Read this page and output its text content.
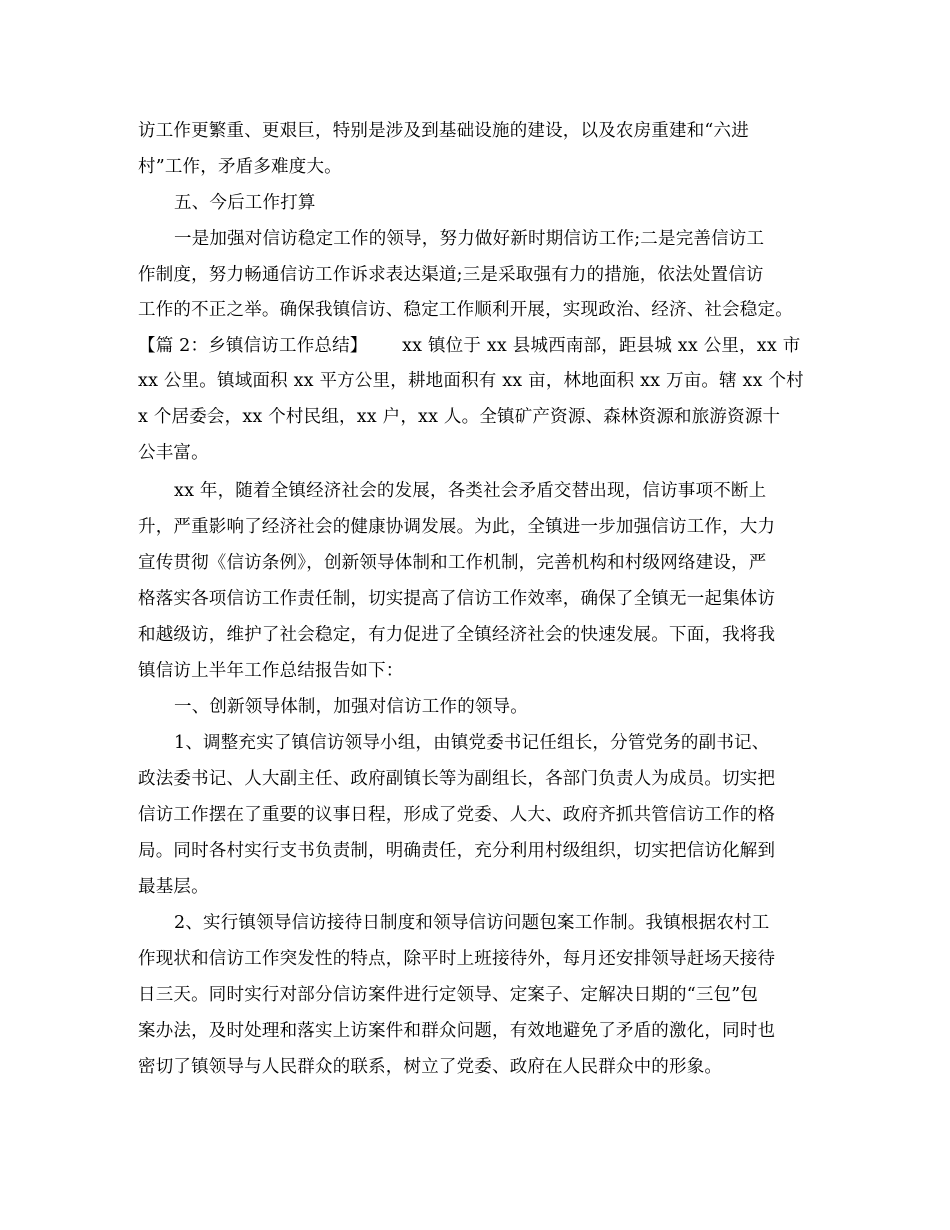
访工作更繁重、更艰巨，特别是涉及到基础设施的建设，以及农房重建和“六进
村”工作，矛盾多难度大。
五、今后工作打算
一是加强对信访稳定工作的领导，努力做好新时期信访工作;二是完善信访工
作制度，努力畅通信访工作诉求表达渠道;三是采取强有力的措施，依法处置信访
工作的不正之举。确保我镇信访、稳定工作顺利开展，实现政治、经济、社会稳定。
【篇 2：乡镇信访工作总结】      xx 镇位于 xx 县城西南部，距县城 xx 公里，xx 市
xx 公里。镇域面积 xx 平方公里，耕地面积有 xx 亩，林地面积 xx 万亩。辖 xx 个村
x 个居委会，xx 个村民组，xx 户，xx 人。全镇矿产资源、森林资源和旅游资源十
公丰富。
xx 年，随着全镇经济社会的发展，各类社会矛盾交替出现，信访事项不断上
升，严重影响了经济社会的健康协调发展。为此，全镇进一步加强信访工作，大力
宣传贯彻《信访条例》，创新领导体制和工作机制，完善机构和村级网络建设，严
格落实各项信访工作责任制，切实提高了信访工作效率，确保了全镇无一起集体访
和越级访，维护了社会稳定，有力促进了全镇经济社会的快速发展。下面，我将我
镇信访上半年工作总结报告如下：
一、创新领导体制，加强对信访工作的领导。
1、调整充实了镇信访领导小组，由镇党委书记任组长，分管党务的副书记、
政法委书记、人大副主任、政府副镇长等为副组长，各部门负责人为成员。切实把
信访工作摆在了重要的议事日程，形成了党委、人大、政府齐抓共管信访工作的格
局。同时各村实行支书负责制，明确责任，充分利用村级组织，切实把信访化解到
最基层。
2、实行镇领导信访接待日制度和领导信访问题包案工作制。我镇根据农村工
作现状和信访工作突发性的特点，除平时上班接待外，每月还安排领导赶场天接待
日三天。同时实行对部分信访案件进行定领导、定案子、定解决日期的“三包”包
案办法，及时处理和落实上访案件和群众问题，有效地避免了矛盾的激化，同时也
密切了镇领导与人民群众的联系，树立了党委、政府在人民群众中的形象。
